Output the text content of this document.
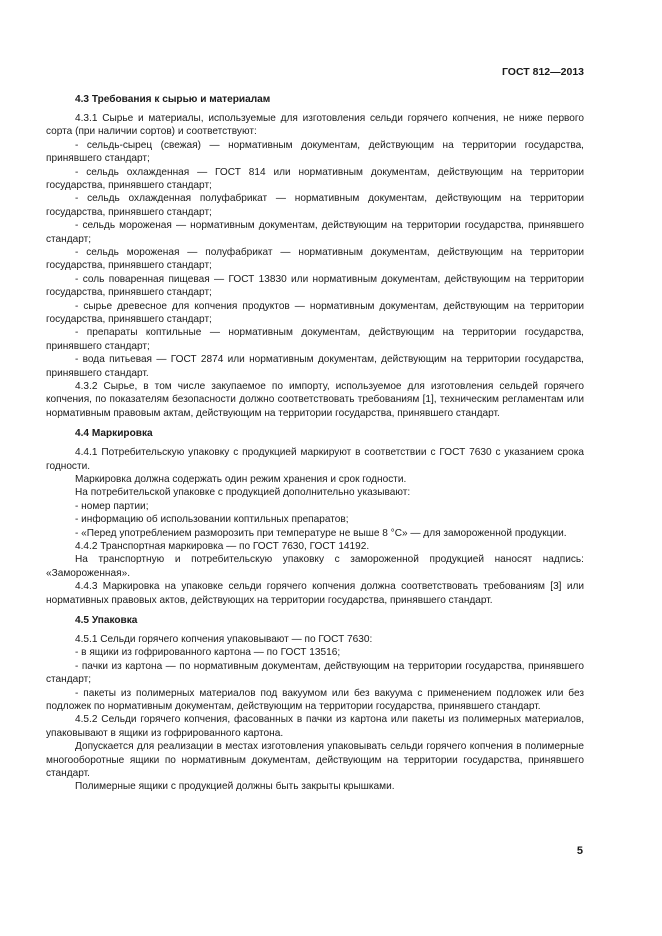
ГОСТ 812—2013
4.3 Требования к сырью и материалам

4.3.1 Сырье и материалы, используемые для изготовления сельди горячего копчения, не ниже первого сорта (при наличии сортов) и соответствуют:

- сельдь-сырец (свежая) — нормативным документам, действующим на территории государства, принявшего стандарт;

- сельдь охлажденная — ГОСТ 814 или нормативным документам, действующим на территории государства, принявшего стандарт;

- сельдь охлажденная полуфабрикат — нормативным документам, действующим на территории государства, принявшего стандарт;

- сельдь мороженая — нормативным документам, действующим на территории государства, принявшего стандарт;

- сельдь мороженая — полуфабрикат — нормативным документам, действующим на территории государства, принявшего стандарт;

- соль поваренная пищевая — ГОСТ 13830 или нормативным документам, действующим на территории государства, принявшего стандарт;

- сырье древесное для копчения продуктов — нормативным документам, действующим на территории государства, принявшего стандарт;

- препараты коптильные — нормативным документам, действующим на территории государства, принявшего стандарт;

- вода питьевая — ГОСТ 2874 или нормативным документам, действующим на территории государства, принявшего стандарт.

4.3.2 Сырье, в том числе закупаемое по импорту, используемое для изготовления сельдей горячего копчения, по показателям безопасности должно соответствовать требованиям [1], техническим регламентам или нормативным правовым актам, действующим на территории государства, принявшего стандарт.

4.4 Маркировка

4.4.1 Потребительскую упаковку с продукцией маркируют в соответствии с ГОСТ 7630 с указанием срока годности.

Маркировка должна содержать один режим хранения и срок годности.

На потребительской упаковке с продукцией дополнительно указывают:

- номер партии;

- информацию об использовании коптильных препаратов;

- «Перед употреблением разморозить при температуре не выше 8 °С» — для замороженной продукции.

4.4.2 Транспортная маркировка — по ГОСТ 7630, ГОСТ 14192.

На транспортную и потребительскую упаковку с замороженной продукцией наносят надпись: «Замороженная».

4.4.3 Маркировка на упаковке сельди горячего копчения должна соответствовать требованиям [3] или нормативных правовых актов, действующих на территории государства, принявшего стандарт.

4.5 Упаковка

4.5.1 Сельди горячего копчения упаковывают — по ГОСТ 7630:

- в ящики из гофрированного картона — по ГОСТ 13516;

- пачки из картона — по нормативным документам, действующим на территории государства, принявшего стандарт;

- пакеты из полимерных материалов под вакуумом или без вакуума с применением подложек или без подложек по нормативным документам, действующим на территории государства, принявшего стандарт.

4.5.2 Сельди горячего копчения, фасованных в пачки из картона или пакеты из полимерных материалов, упаковывают в ящики из гофрированного картона.

Допускается для реализации в местах изготовления упаковывать сельди горячего копчения в полимерные многооборотные ящики по нормативным документам, действующим на территории государства, принявшего стандарт.

Полимерные ящики с продукцией должны быть закрыты крышками.

5
